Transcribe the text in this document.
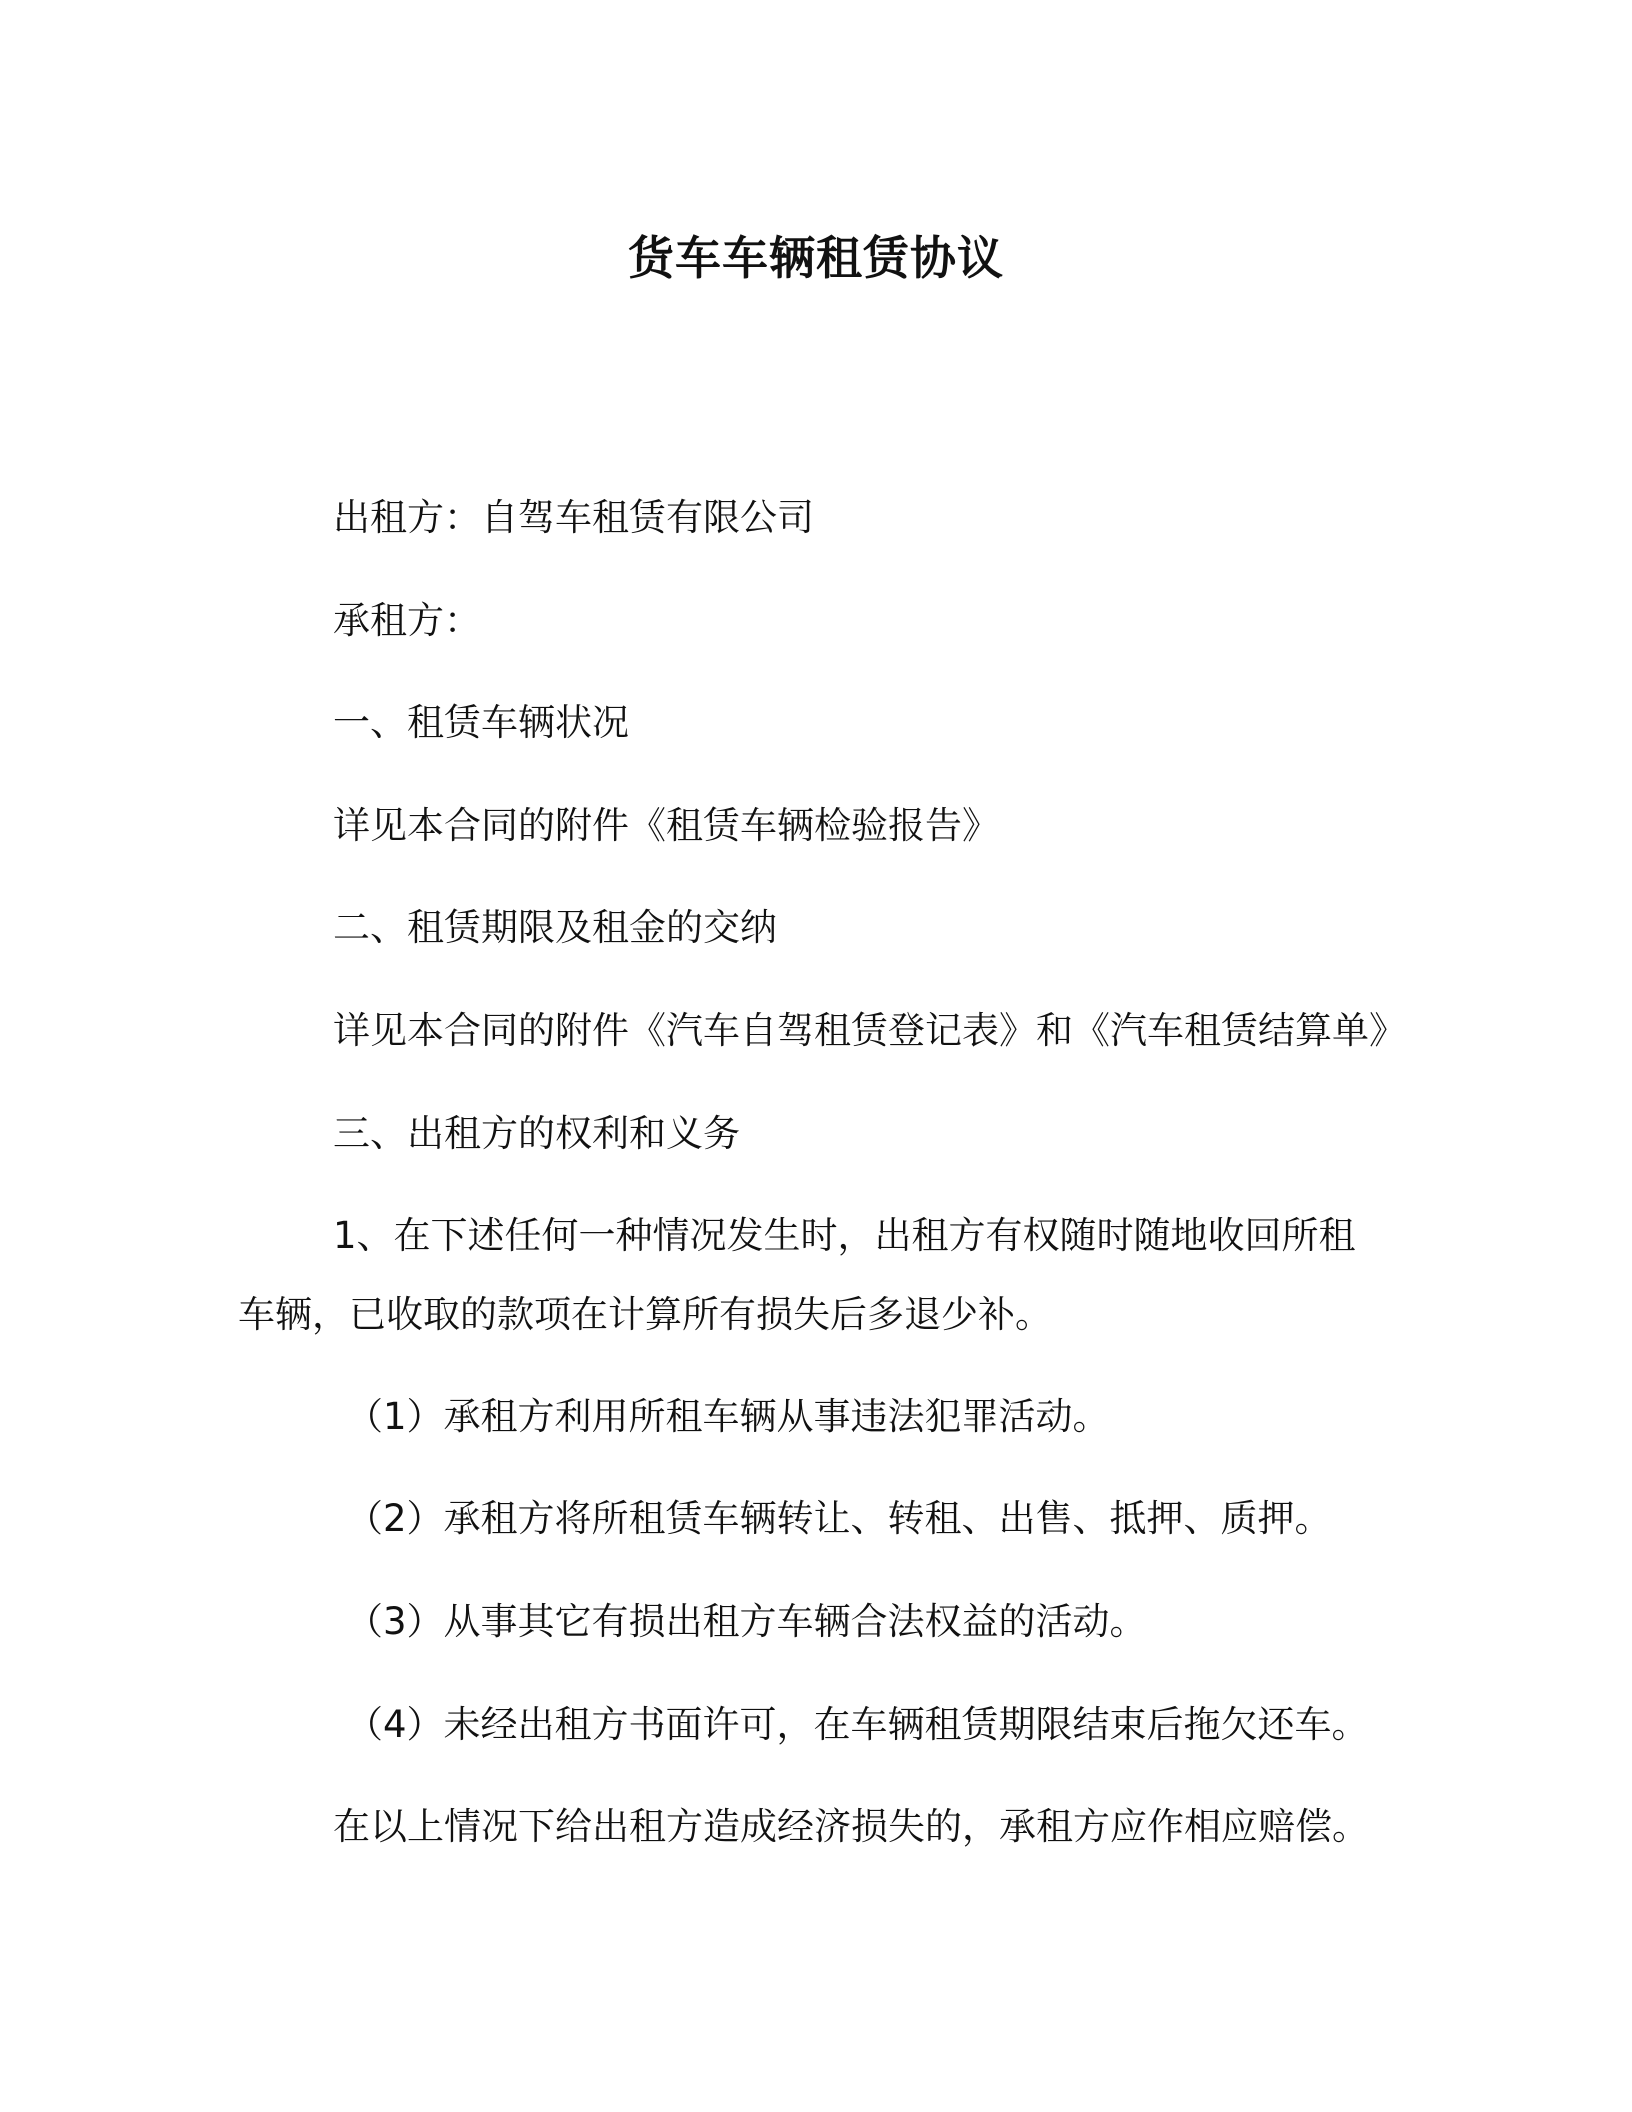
货车车辆租赁协议

出租方：自驾车租赁有限公司

承租方：

一、租赁车辆状况

详见本合同的附件《租赁车辆检验报告》

二、租赁期限及租金的交纳

详见本合同的附件《汽车自驾租赁登记表》和《汽车租赁结算单》

三、出租方的权利和义务

1、在下述任何一种情况发生时，出租方有权随时随地收回所租

车辆，已收取的款项在计算所有损失后多退少补。

（1）承租方利用所租车辆从事违法犯罪活动。

（2）承租方将所租赁车辆转让、转租、出售、抵押、质押。

（3）从事其它有损出租方车辆合法权益的活动。

（4）未经出租方书面许可，在车辆租赁期限结束后拖欠还车。

在以上情况下给出租方造成经济损失的，承租方应作相应赔偿。
